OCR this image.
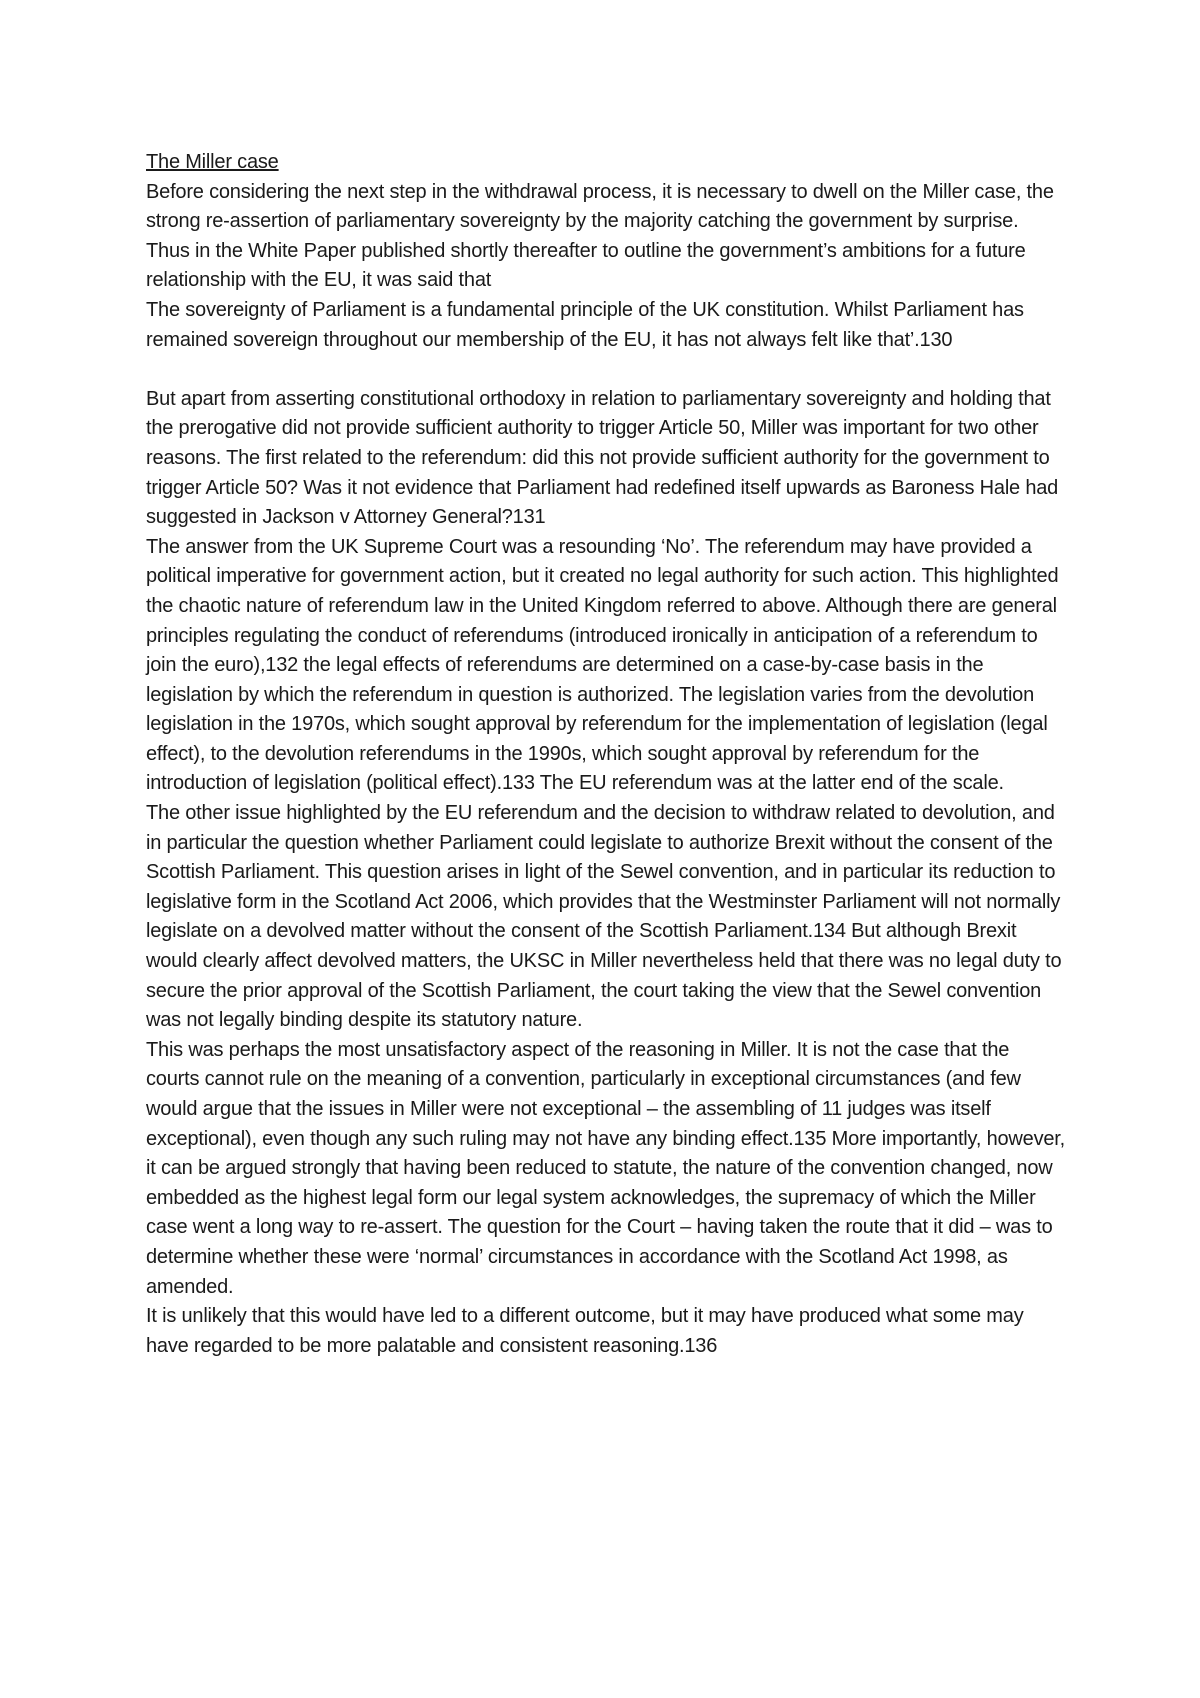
The Miller case

Before considering the next step in the withdrawal process, it is necessary to dwell on the Miller case, the strong re-assertion of parliamentary sovereignty by the majority catching the government by surprise. Thus in the White Paper published shortly thereafter to outline the government’s ambitions for a future relationship with the EU, it was said that

The sovereignty of Parliament is a fundamental principle of the UK constitution. Whilst Parliament has remained sovereign throughout our membership of the EU, it has not always felt like that’.130

But apart from asserting constitutional orthodoxy in relation to parliamentary sovereignty and holding that the prerogative did not provide sufficient authority to trigger Article 50, Miller was important for two other reasons. The first related to the referendum: did this not provide sufficient authority for the government to trigger Article 50? Was it not evidence that Parliament had redefined itself upwards as Baroness Hale had suggested in Jackson v Attorney General?131

The answer from the UK Supreme Court was a resounding ‘No’. The referendum may have provided a political imperative for government action, but it created no legal authority for such action. This highlighted the chaotic nature of referendum law in the United Kingdom referred to above. Although there are general principles regulating the conduct of referendums (introduced ironically in anticipation of a referendum to join the euro),132 the legal effects of referendums are determined on a case-by-case basis in the legislation by which the referendum in question is authorized. The legislation varies from the devolution legislation in the 1970s, which sought approval by referendum for the implementation of legislation (legal effect), to the devolution referendums in the 1990s, which sought approval by referendum for the introduction of legislation (political effect).133 The EU referendum was at the latter end of the scale.

The other issue highlighted by the EU referendum and the decision to withdraw related to devolution, and in particular the question whether Parliament could legislate to authorize Brexit without the consent of the Scottish Parliament. This question arises in light of the Sewel convention, and in particular its reduction to legislative form in the Scotland Act 2006, which provides that the Westminster Parliament will not normally legislate on a devolved matter without the consent of the Scottish Parliament.134 But although Brexit would clearly affect devolved matters, the UKSC in Miller nevertheless held that there was no legal duty to secure the prior approval of the Scottish Parliament, the court taking the view that the Sewel convention was not legally binding despite its statutory nature.

This was perhaps the most unsatisfactory aspect of the reasoning in Miller. It is not the case that the courts cannot rule on the meaning of a convention, particularly in exceptional circumstances (and few would argue that the issues in Miller were not exceptional – the assembling of 11 judges was itself exceptional), even though any such ruling may not have any binding effect.135 More importantly, however, it can be argued strongly that having been reduced to statute, the nature of the convention changed, now embedded as the highest legal form our legal system acknowledges, the supremacy of which the Miller case went a long way to re-assert. The question for the Court – having taken the route that it did – was to determine whether these were ‘normal’ circumstances in accordance with the Scotland Act 1998, as amended.

It is unlikely that this would have led to a different outcome, but it may have produced what some may have regarded to be more palatable and consistent reasoning.136
